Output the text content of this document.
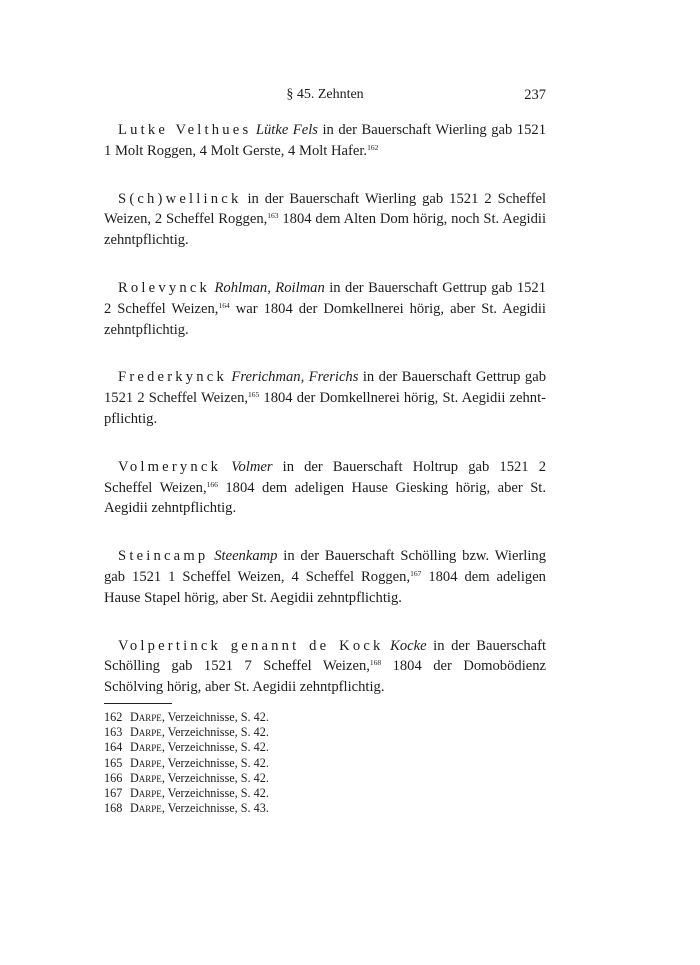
§ 45. Zehnten	237

Lutke Velthues Lütke Fels in der Bauerschaft Wierling gab 1521 1 Molt Roggen, 4 Molt Gerste, 4 Molt Hafer.$^{162}$

S(ch)wellinck in der Bauerschaft Wierling gab 1521 2 Scheffel Weizen, 2 Scheffel Roggen,$^{163}$ 1804 dem Alten Dom hörig, noch St. Aegidii zehntpflichtig.

Rolevynck Rohlman, Roilman in der Bauerschaft Gettrup gab 1521 2 Scheffel Weizen,$^{164}$ war 1804 der Domkellnerei hörig, aber St. Aegidii zehntpflichtig.

Frederkynck Frerichman, Frerichs in der Bauerschaft Gettrup gab 1521 2 Scheffel Weizen,$^{165}$ 1804 der Domkellnerei hörig, St. Aegidii zehntpflichtig.

Volmerynck Volmer in der Bauerschaft Holtrup gab 1521 2 Scheffel Weizen,$^{166}$ 1804 dem adeligen Hause Giesking hörig, aber St. Aegidii zehntpflichtig.

Steincamp Steenkamp in der Bauerschaft Schölling bzw. Wierling gab 1521 1 Scheffel Weizen, 4 Scheffel Roggen,$^{167}$ 1804 dem adeligen Hause Stapel hörig, aber St. Aegidii zehntpflichtig.

Volpertinck genannt de Kock Kocke in der Bauerschaft Schölling gab 1521 7 Scheffel Weizen,$^{168}$ 1804 der Domobödienz Schölving hörig, aber St. Aegidii zehntpflichtig.

162 Darpe, Verzeichnisse, S. 42.
163 Darpe, Verzeichnisse, S. 42.
164 Darpe, Verzeichnisse, S. 42.
165 Darpe, Verzeichnisse, S. 42.
166 Darpe, Verzeichnisse, S. 42.
167 Darpe, Verzeichnisse, S. 42.
168 Darpe, Verzeichnisse, S. 43.
